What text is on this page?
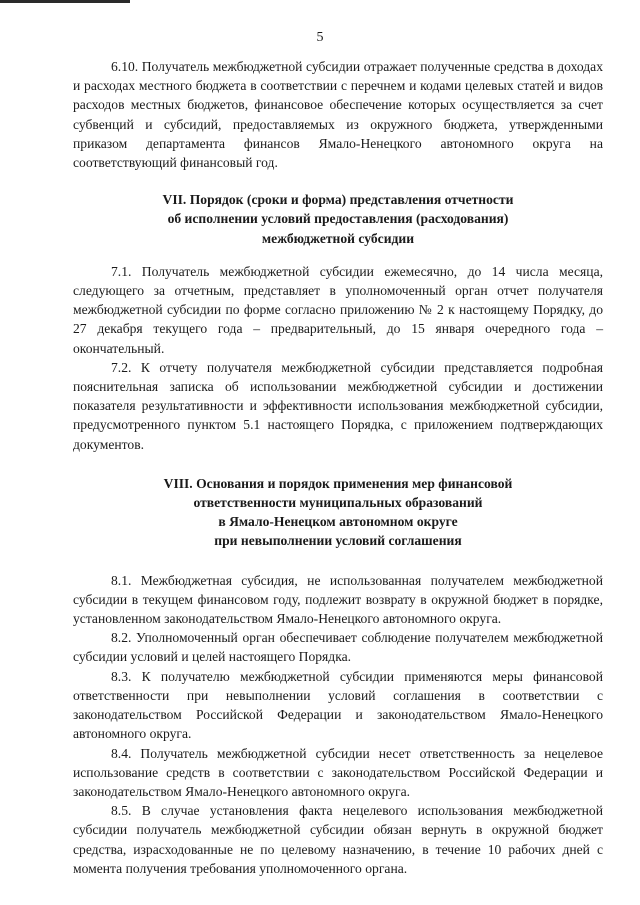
5

6.10. Получатель межбюджетной субсидии отражает полученные средства в доходах и расходах местного бюджета в соответствии с перечнем и кодами целевых статей и видов расходов местных бюджетов, финансовое обеспечение которых осуществляется за счет субвенций и субсидий, предоставляемых из окружного бюджета, утвержденными приказом департамента финансов Ямало-Ненецкого автономного округа на соответствующий финансовый год.

VII. Порядок (сроки и форма) представления отчетности
об исполнении условий предоставления (расходования)
межбюджетной субсидии

7.1. Получатель межбюджетной субсидии ежемесячно, до 14 числа месяца, следующего за отчетным, представляет в уполномоченный орган отчет получателя межбюджетной субсидии по форме согласно приложению № 2 к настоящему Порядку, до 27 декабря текущего года – предварительный, до 15 января очередного года – окончательный.

7.2. К отчету получателя межбюджетной субсидии представляется подробная пояснительная записка об использовании межбюджетной субсидии и достижении показателя результативности и эффективности использования межбюджетной субсидии, предусмотренного пунктом 5.1 настоящего Порядка, с приложением подтверждающих документов.

VIII. Основания и порядок применения мер финансовой
ответственности муниципальных образований
в Ямало-Ненецком автономном округе
при невыполнении условий соглашения

8.1. Межбюджетная субсидия, не использованная получателем межбюджетной субсидии в текущем финансовом году, подлежит возврату в окружной бюджет в порядке, установленном законодательством Ямало-Ненецкого автономного округа.

8.2. Уполномоченный орган обеспечивает соблюдение получателем межбюджетной субсидии условий и целей настоящего Порядка.

8.3. К получателю межбюджетной субсидии применяются меры финансовой ответственности при невыполнении условий соглашения в соответствии с законодательством Российской Федерации и законодательством Ямало-Ненецкого автономного округа.

8.4. Получатель межбюджетной субсидии несет ответственность за нецелевое использование средств в соответствии с законодательством Российской Федерации и законодательством Ямало-Ненецкого автономного округа.

8.5. В случае установления факта нецелевого использования межбюджетной субсидии получатель межбюджетной субсидии обязан вернуть в окружной бюджет средства, израсходованные не по целевому назначению, в течение 10 рабочих дней с момента получения требования уполномоченного органа.
